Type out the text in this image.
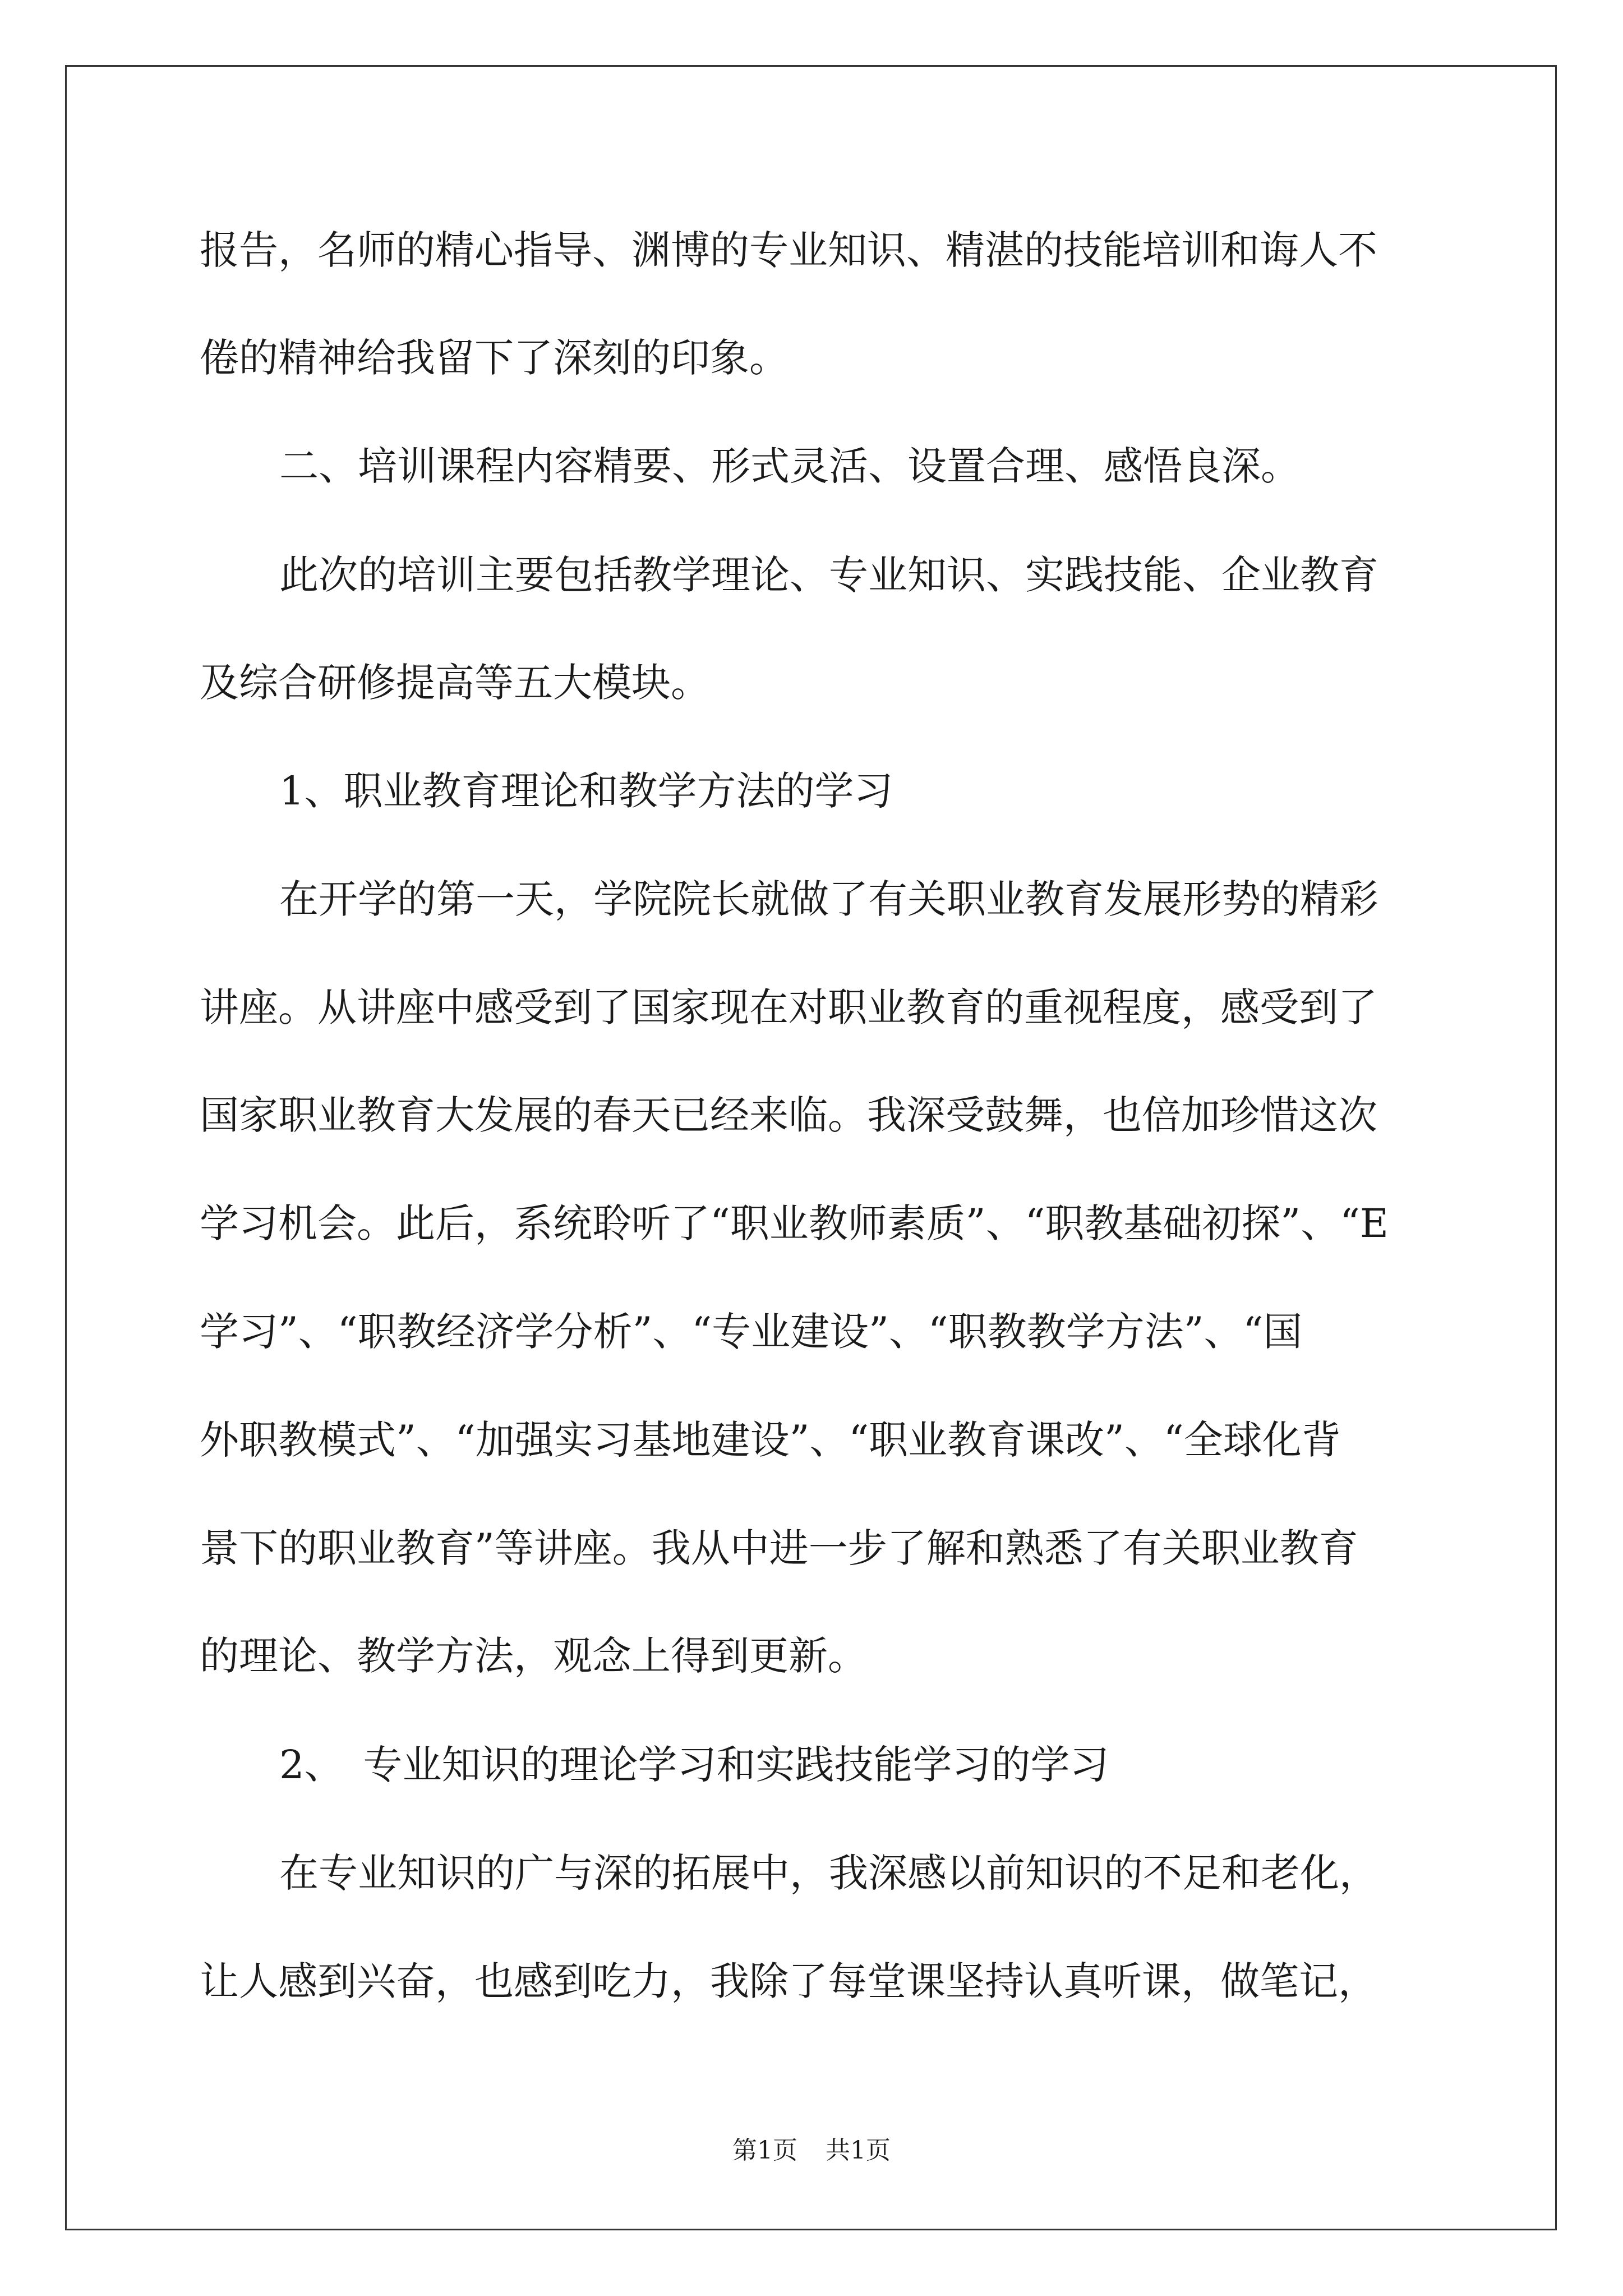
报告，名师的精心指导、渊博的专业知识、精湛的技能培训和诲人不
倦的精神给我留下了深刻的印象。
二、培训课程内容精要、形式灵活、设置合理、感悟良深。
此次的培训主要包括教学理论、专业知识、实践技能、企业教育
及综合研修提高等五大模块。
1、职业教育理论和教学方法的学习
在开学的第一天，学院院长就做了有关职业教育发展形势的精彩
讲座。从讲座中感受到了国家现在对职业教育的重视程度，感受到了
国家职业教育大发展的春天已经来临。我深受鼓舞，也倍加珍惜这次
学习机会。此后，系统聆听了“职业教师素质”、“职教基础初探”、“E
学习”、“职教经济学分析”、“专业建设”、“职教教学方法”、“国
外职教模式”、“加强实习基地建设”、“职业教育课改”、“全球化背
景下的职业教育”等讲座。我从中进一步了解和熟悉了有关职业教育
的理论、教学方法，观念上得到更新。
2、　专业知识的理论学习和实践技能学习的学习
在专业知识的广与深的拓展中，我深感以前知识的不足和老化，
让人感到兴奋，也感到吃力，我除了每堂课坚持认真听课，做笔记，
第1页 共1页
